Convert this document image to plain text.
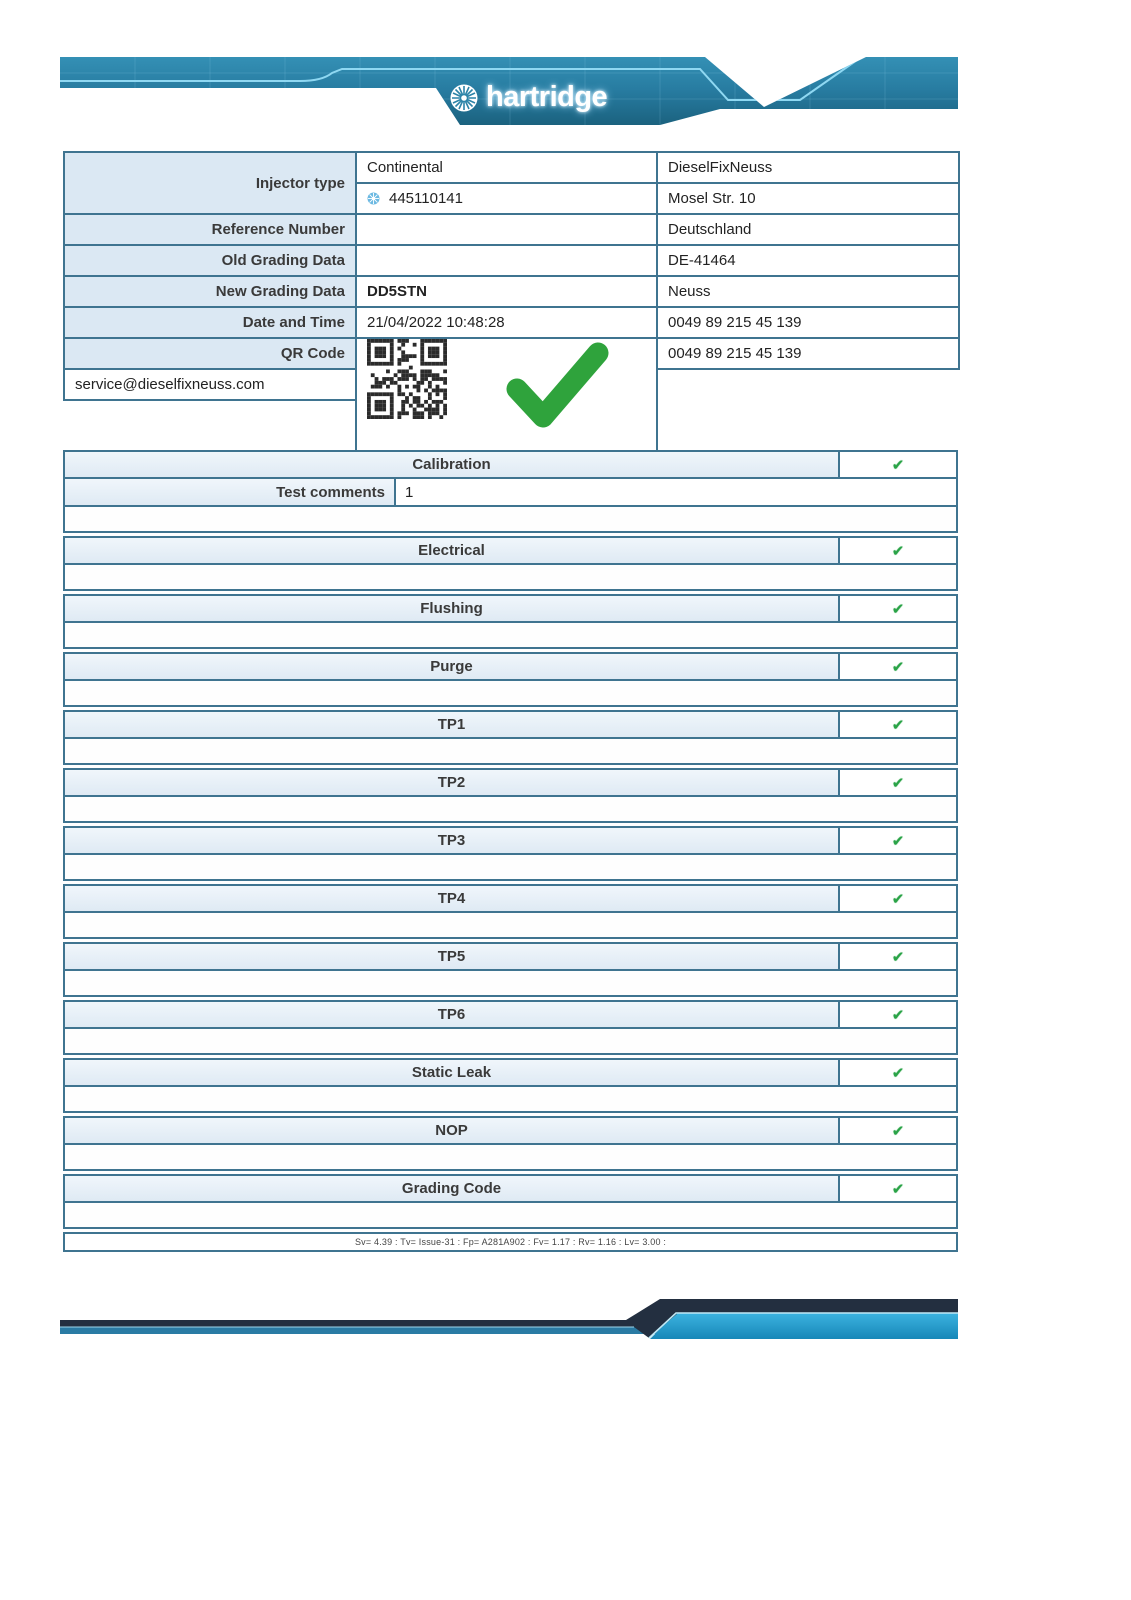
hartridge
Injector type	Continental	DieselFixNeuss

	445110141	Mosel Str. 10
Reference Number		Deutschland
Old Grading Data		DE-41464
New Grading Data	DD5STN	Neuss
Date and Time	21/04/2022 10:48:28	0049 89 215 45 139
QR Code		0049 89 215 45 139
service@dieselfixneuss.com		

Calibration	✔
Test comments	1
Electrical	✔
Flushing	✔
Purge	✔
TP1	✔
TP2	✔
TP3	✔
TP4	✔
TP5	✔
TP6	✔
Static Leak	✔
NOP	✔
Grading Code	✔
Sv= 4.39 : Tv= Issue-31 : Fp= A281A902 : Fv= 1.17 : Rv= 1.16 : Lv= 3.00 :
